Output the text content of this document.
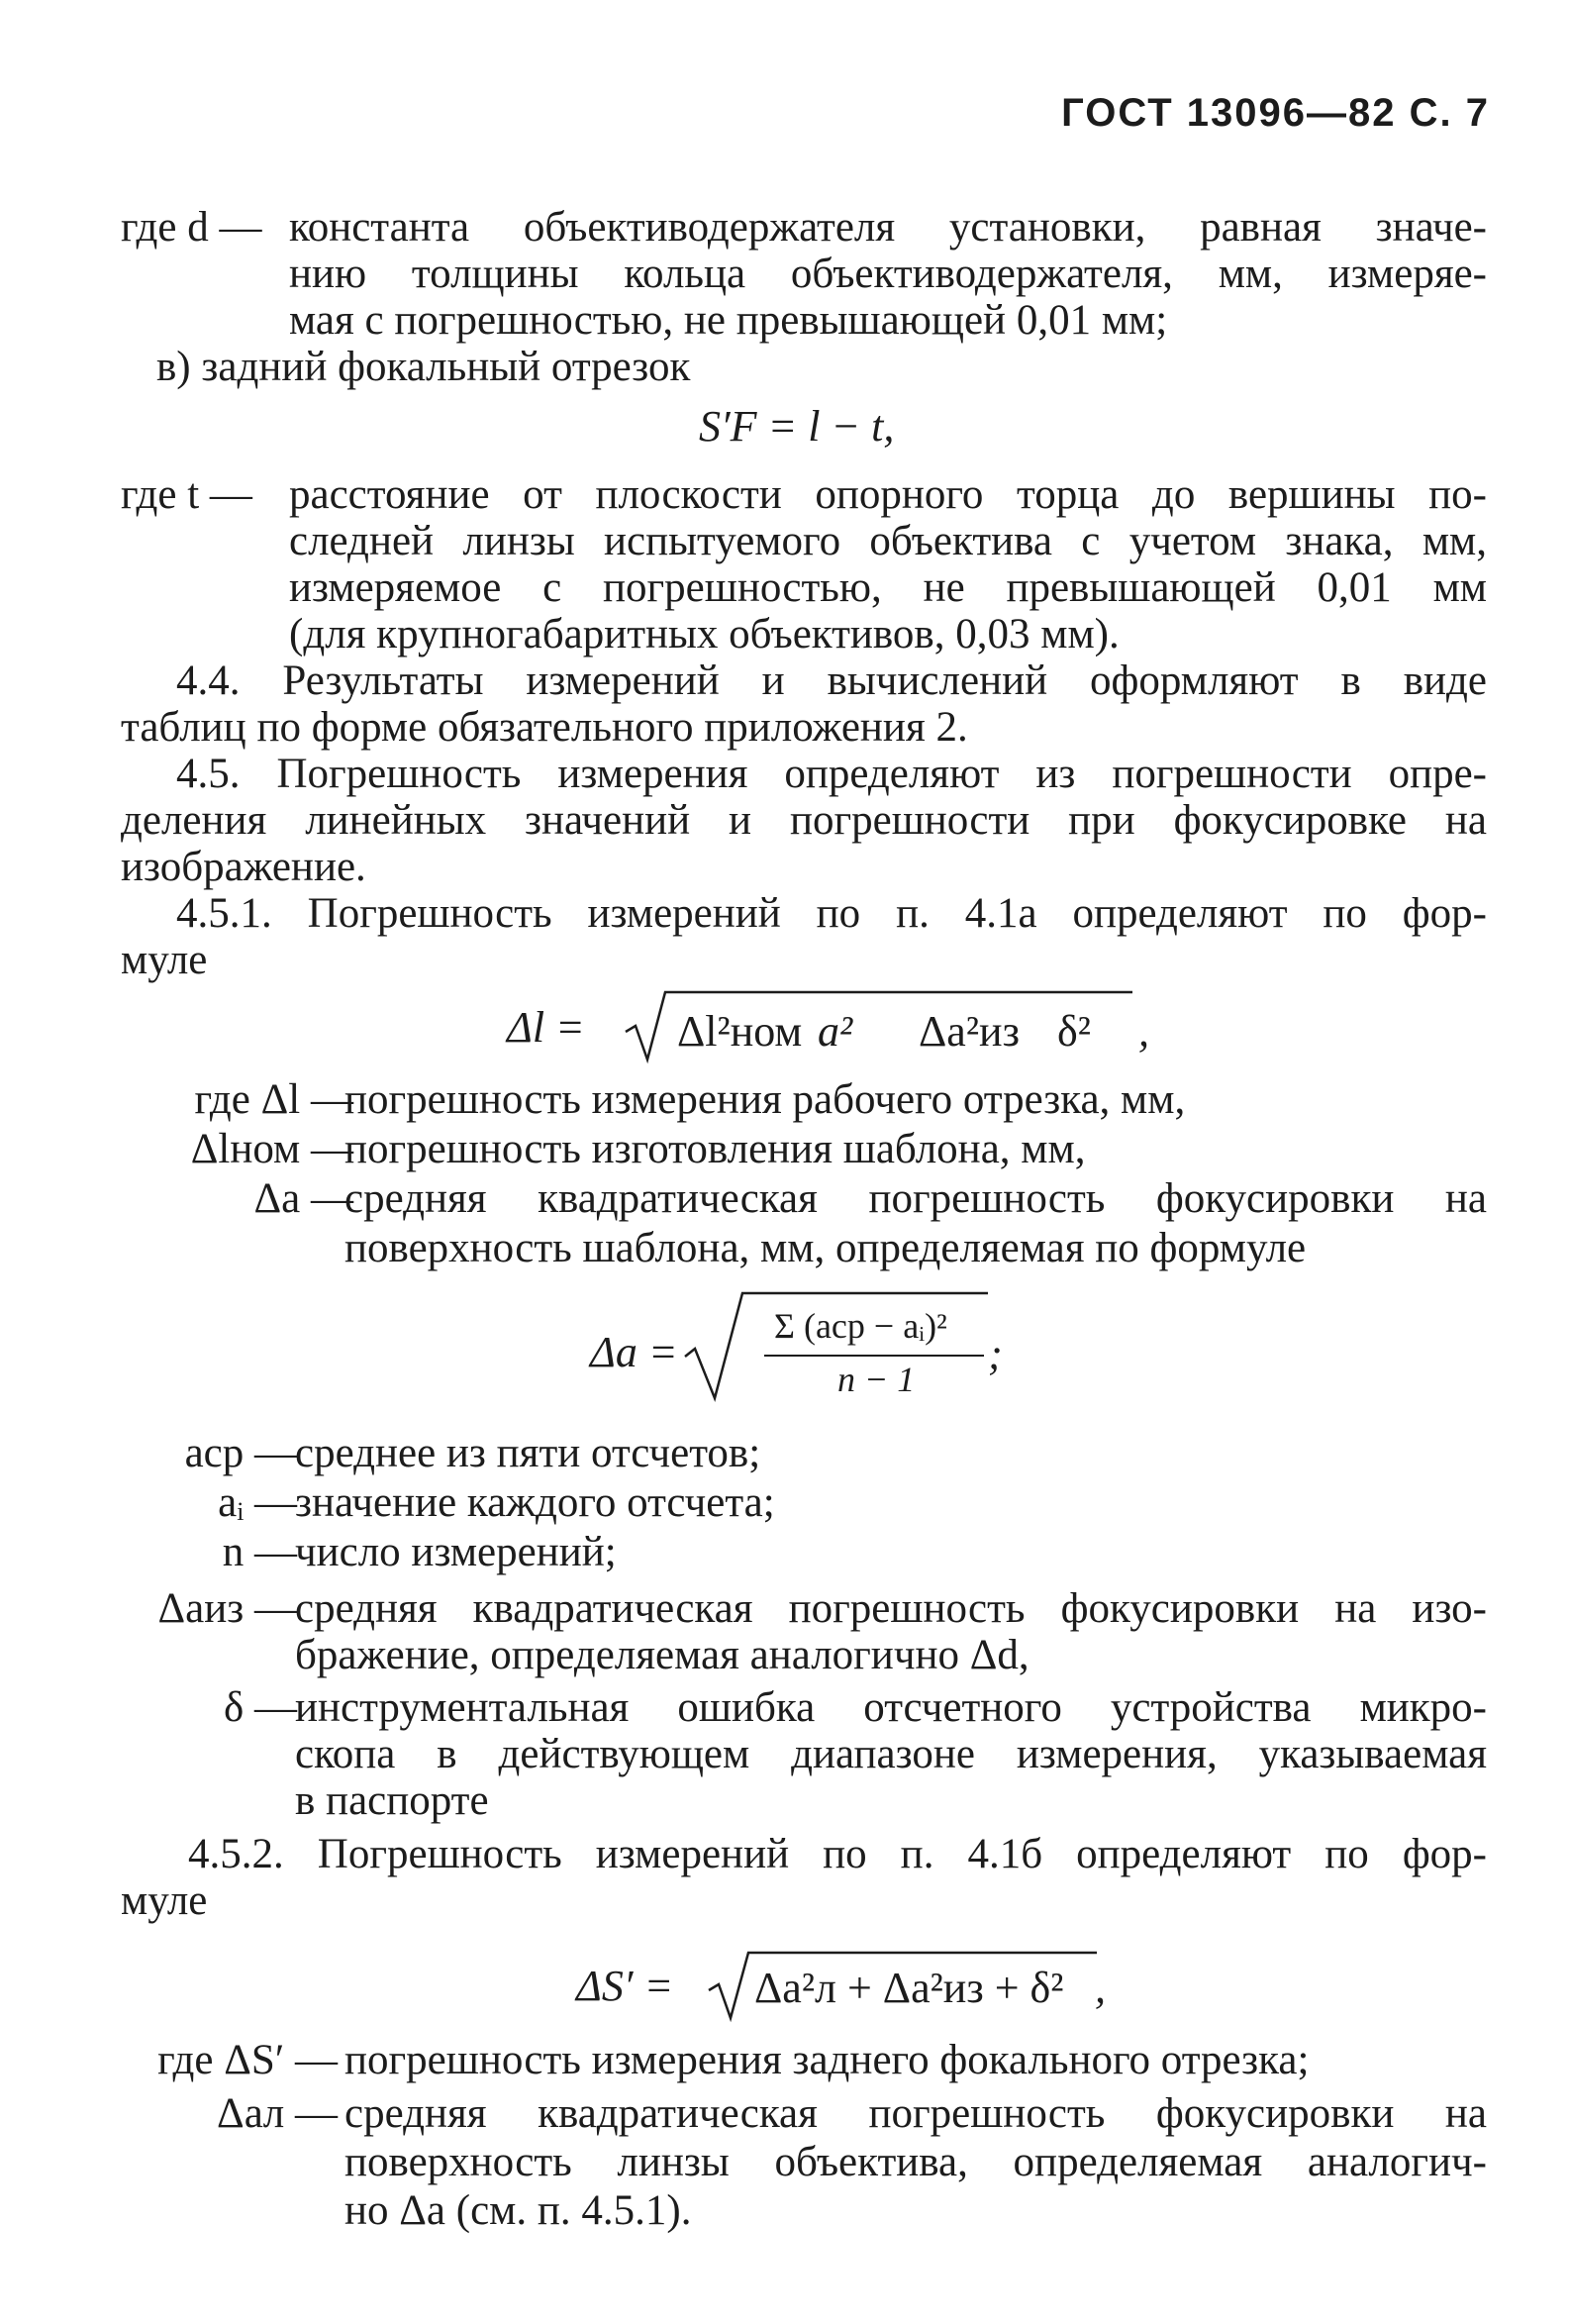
ГОСТ 13096—82 С. 7
где d — константа объективодержателя установки, равная значе-
нию толщины кольца объективодержателя, мм, измеряе-
мая с погрешностью, не превышающей 0,01 мм;
в) задний фокальный отрезок
S′F = l − t,
где t — расстояние от плоскости опорного торца до вершины по-
следней линзы испытуемого объектива с учетом знака, мм,
измеряемое с погрешностью, не превышающей 0,01 мм
(для крупногабаритных объективов, 0,03 мм).
4.4. Результаты измерений и вычислений оформляют в виде
таблиц по форме обязательного приложения 2.
4.5. Погрешность измерения определяют из погрешности опре-
деления линейных значений и погрешности при фокусировке на
изображение.
4.5.1. Погрешность измерений по п. 4.1а определяют по фор-
муле
Δl = Δl²ном a² Δa²из δ² ,
где Δl —
погрешность измерения рабочего отрезка, мм,
Δlном —
погрешность изготовления шаблона, мм,
Δa —
средняя квадратическая погрешность фокусировки на
поверхность шаблона, мм, определяемая по формуле
Δa =
Σ (aср − aᵢ)²
n − 1
;
aср —
среднее из пяти отсчетов;
aᵢ —
значение каждого отсчета;
n —
число измерений;
Δaиз —
средняя квадратическая погрешность фокусировки на изо-
бражение, определяемая аналогично Δd,
δ —
инструментальная ошибка отсчетного устройства микро-
скопа в действующем диапазоне измерения, указываемая
в паспорте
4.5.2. Погрешность измерений по п. 4.1б определяют по фор-
муле
ΔS′ = Δa²л + Δa²из + δ² ,
где ΔS′ — погрешность измерения заднего фокального отрезка;
Δaл — средняя квадратическая погрешность фокусировки на
поверхность линзы объектива, определяемая аналогич-
но Δa (см. п. 4.5.1).
